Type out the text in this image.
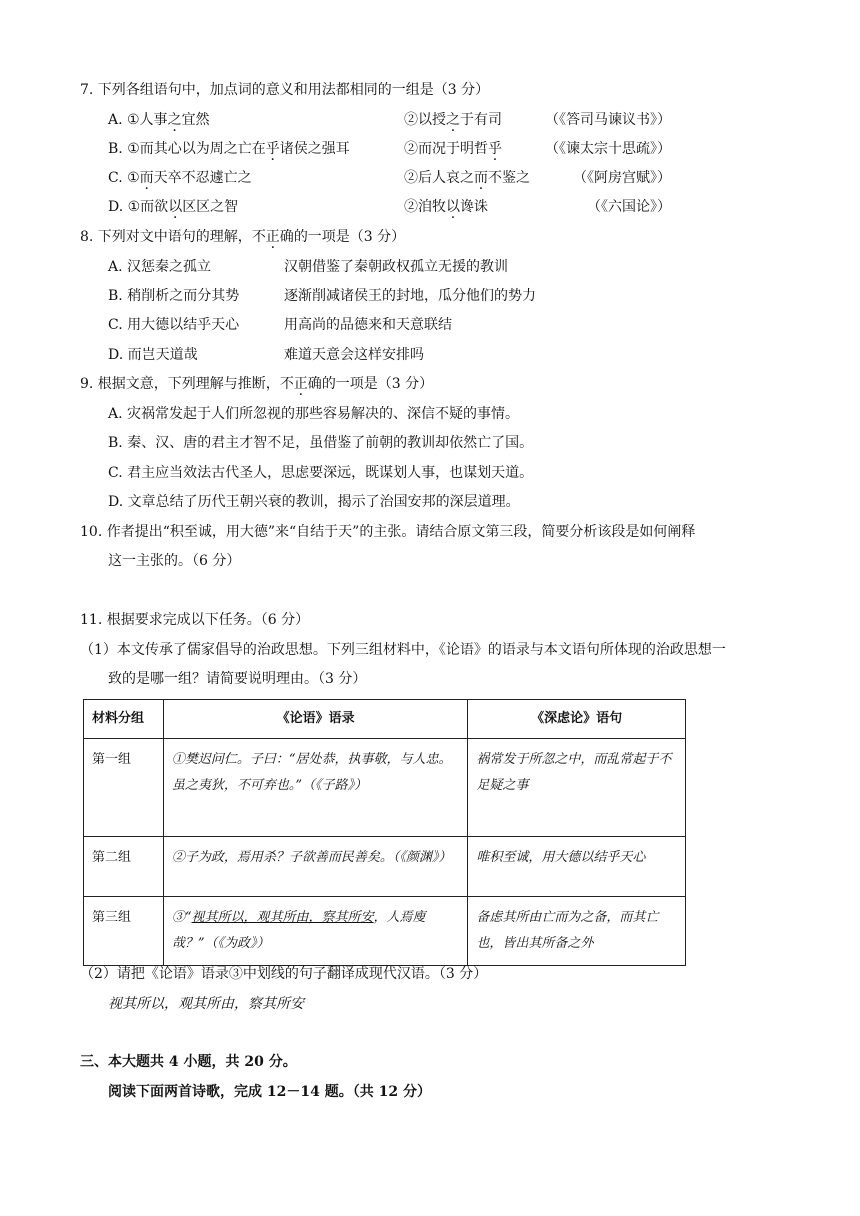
7. 下列各组语句中，加点词的意义和用法都相同的一组是（3 分）
A. ①人事之宜然	②以授之于有司	（《答司马谏议书》）
B. ①而其心以为周之亡在乎诸侯之强耳	②而况于明哲乎	（《谏太宗十思疏》）
C. ①而天卒不忍遽亡之	②后人哀之而不鉴之	（《阿房宫赋》）
D. ①而欲以区区之智	②洎牧以谗诛	（《六国论》）
8. 下列对文中语句的理解，不正确的一项是（3 分）
A. 汉惩秦之孤立	汉朝借鉴了秦朝政权孤立无援的教训
B. 稍削析之而分其势	逐渐削减诸侯王的封地，瓜分他们的势力
C. 用大德以结乎天心	用高尚的品德来和天意联结
D. 而岂天道哉	难道天意会这样安排吗
9. 根据文意，下列理解与推断，不正确的一项是（3 分）
A. 灾祸常发起于人们所忽视的那些容易解决的、深信不疑的事情。
B. 秦、汉、唐的君主才智不足，虽借鉴了前朝的教训却依然亡了国。
C. 君主应当效法古代圣人，思虑要深远，既谋划人事，也谋划天道。
D. 文章总结了历代王朝兴衰的教训，揭示了治国安邦的深层道理。
10. 作者提出“积至诚，用大德”来“自结于天”的主张。请结合原文第三段，简要分析该段是如何阐释
这一主张的。（6 分）
11. 根据要求完成以下任务。（6 分）
（1）本文传承了儒家倡导的治政思想。下列三组材料中，《论语》的语录与本文语句所体现的治政思想一
致的是哪一组？请简要说明理由。（3 分）
材料分组	《论语》语录	《深虑论》语句
第一组	①樊迟问仁。子曰：“居处恭，执事敬，与人忠。虽之夷狄，不可弃也。”（《子路》）	祸常发于所忽之中，而乱常起于不足疑之事
第二组	②子为政，焉用杀？子欲善而民善矣。（《颜渊》）	唯积至诚，用大德以结乎天心
第三组	③“视其所以，观其所由，察其所安，人焉廋哉？”（《为政》）	备虑其所由亡而为之备，而其亡也，皆出其所备之外
（2）请把《论语》语录③中划线的句子翻译成现代汉语。（3 分）
视其所以，观其所由，察其所安
三、本大题共 4 小题，共 20 分。
阅读下面两首诗歌，完成 12－14 题。（共 12 分）
